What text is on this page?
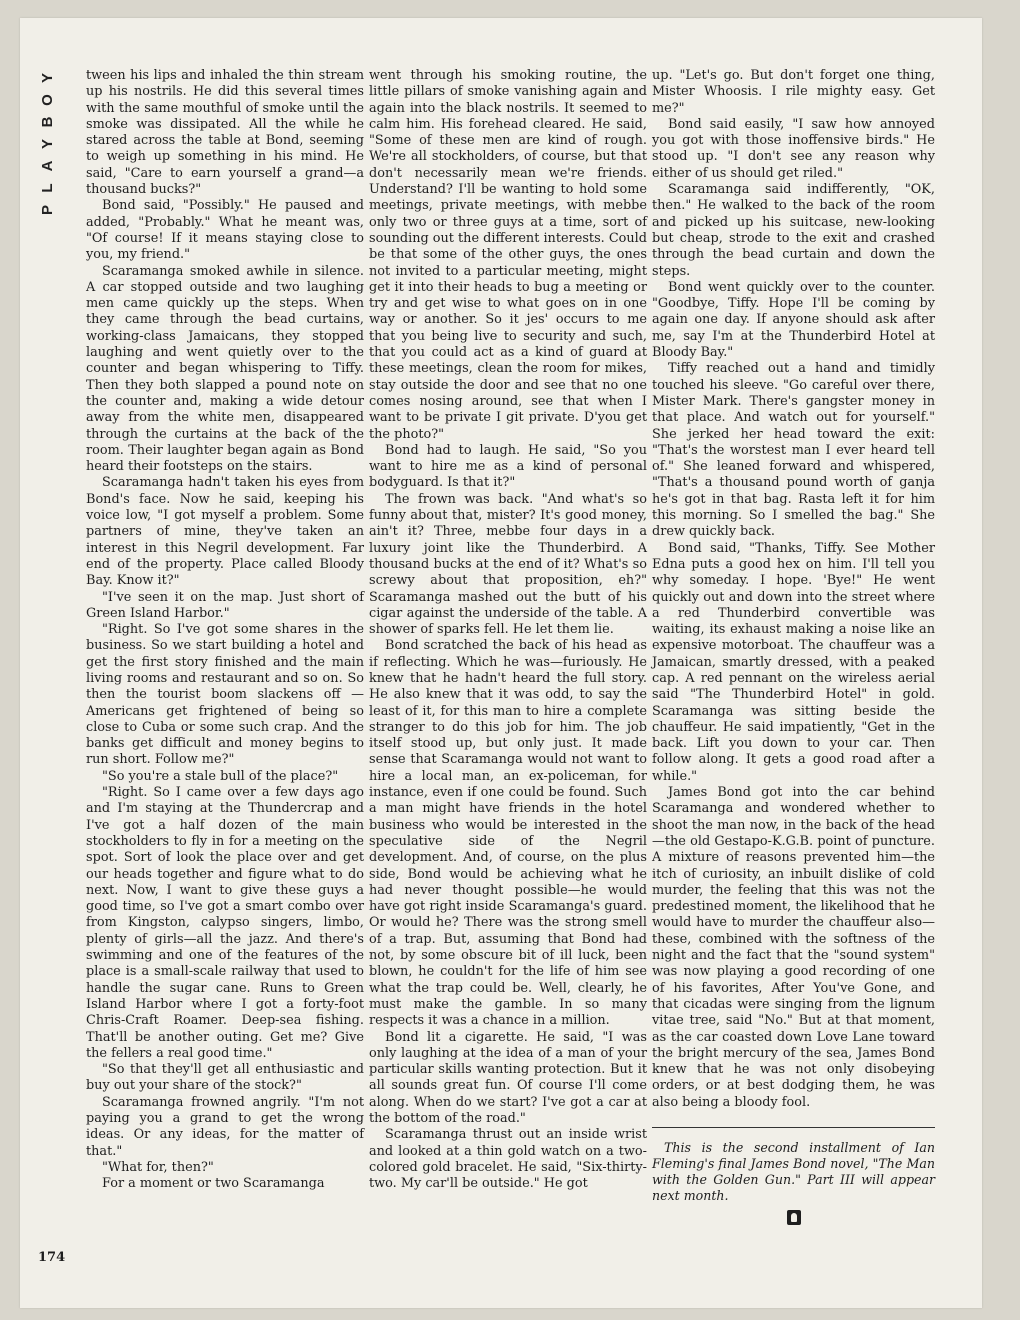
Y
O
B
Y
A
L
P

tween his lips and inhaled the thin stream up his nostrils. He did this several times with the same mouthful of smoke until the smoke was dissipated. All the while he stared across the table at Bond, seeming to weigh up something in his mind. He said, "Care to earn yourself a grand—a thousand bucks?"

Bond said, "Possibly." He paused and added, "Probably." What he meant was, "Of course! If it means staying close to you, my friend."

Scaramanga smoked awhile in silence. A car stopped outside and two laughing men came quickly up the steps. When they came through the bead curtains, working-class Jamaicans, they stopped laughing and went quietly over to the counter and began whispering to Tiffy. Then they both slapped a pound note on the counter and, making a wide detour away from the white men, disappeared through the curtains at the back of the room. Their laughter began again as Bond heard their footsteps on the stairs.

Scaramanga hadn't taken his eyes from Bond's face. Now he said, keeping his voice low, "I got myself a problem. Some partners of mine, they've taken an interest in this Negril development. Far end of the property. Place called Bloody Bay. Know it?"

"I've seen it on the map. Just short of Green Island Harbor."

"Right. So I've got some shares in the business. So we start building a hotel and get the first story finished and the main living rooms and restaurant and so on. So then the tourist boom slackens off —Americans get frightened of being so close to Cuba or some such crap. And the banks get difficult and money begins to run short. Follow me?"

"So you're a stale bull of the place?"

"Right. So I came over a few days ago and I'm staying at the Thundercrap and I've got a half dozen of the main stockholders to fly in for a meeting on the spot. Sort of look the place over and get our heads together and figure what to do next. Now, I want to give these guys a good time, so I've got a smart combo over from Kingston, calypso singers, limbo, plenty of girls—all the jazz. And there's swimming and one of the features of the place is a small-scale railway that used to handle the sugar cane. Runs to Green Island Harbor where I got a forty-foot Chris-Craft Roamer. Deep-sea fishing. That'll be another outing. Get me? Give the fellers a real good time."

"So that they'll get all enthusiastic and buy out your share of the stock?"

Scaramanga frowned angrily. "I'm not paying you a grand to get the wrong ideas. Or any ideas, for the matter of that."

"What for, then?"

For a moment or two Scaramanga

went through his smoking routine, the little pillars of smoke vanishing again and again into the black nostrils. It seemed to calm him. His forehead cleared. He said, "Some of these men are kind of rough. We're all stockholders, of course, but that don't necessarily mean we're friends. Understand? I'll be wanting to hold some meetings, private meetings, with mebbe only two or three guys at a time, sort of sounding out the different interests. Could be that some of the other guys, the ones not invited to a particular meeting, might get it into their heads to bug a meeting or try and get wise to what goes on in one way or another. So it jes' occurs to me that you being live to security and such, that you could act as a kind of guard at these meetings, clean the room for mikes, stay outside the door and see that no one comes nosing around, see that when I want to be private I git private. D'you get the photo?"

Bond had to laugh. He said, "So you want to hire me as a kind of personal bodyguard. Is that it?"

The frown was back. "And what's so funny about that, mister? It's good money, ain't it? Three, mebbe four days in a luxury joint like the Thunderbird. A thousand bucks at the end of it? What's so screwy about that proposition, eh?" Scaramanga mashed out the butt of his cigar against the underside of the table. A shower of sparks fell. He let them lie.

Bond scratched the back of his head as if reflecting. Which he was—furiously. He knew that he hadn't heard the full story. He also knew that it was odd, to say the least of it, for this man to hire a complete stranger to do this job for him. The job itself stood up, but only just. It made sense that Scaramanga would not want to hire a local man, an ex-policeman, for instance, even if one could be found. Such a man might have friends in the hotel business who would be interested in the speculative side of the Negril development. And, of course, on the plus side, Bond would be achieving what he had never thought possible—he would have got right inside Scaramanga's guard. Or would he? There was the strong smell of a trap. But, assuming that Bond had not, by some obscure bit of ill luck, been blown, he couldn't for the life of him see what the trap could be. Well, clearly, he must make the gamble. In so many respects it was a chance in a million.

Bond lit a cigarette. He said, "I was only laughing at the idea of a man of your particular skills wanting protection. But it all sounds great fun. Of course I'll come along. When do we start? I've got a car at the bottom of the road."

Scaramanga thrust out an inside wrist and looked at a thin gold watch on a two-colored gold bracelet. He said, "Six-thirty-two. My car'll be outside." He got

up. "Let's go. But don't forget one thing, Mister Whoosis. I rile mighty easy. Get me?"

Bond said easily, "I saw how annoyed you got with those inoffensive birds." He stood up. "I don't see any reason why either of us should get riled."

Scaramanga said indifferently, "OK, then." He walked to the back of the room and picked up his suitcase, new-looking but cheap, strode to the exit and crashed through the bead curtain and down the steps.

Bond went quickly over to the counter. "Goodbye, Tiffy. Hope I'll be coming by again one day. If anyone should ask after me, say I'm at the Thunderbird Hotel at Bloody Bay."

Tiffy reached out a hand and timidly touched his sleeve. "Go careful over there, Mister Mark. There's gangster money in that place. And watch out for yourself." She jerked her head toward the exit: "That's the worstest man I ever heard tell of." She leaned forward and whispered, "That's a thousand pound worth of ganja he's got in that bag. Rasta left it for him this morning. So I smelled the bag." She drew quickly back.

Bond said, "Thanks, Tiffy. See Mother Edna puts a good hex on him. I'll tell you why someday. I hope. 'Bye!" He went quickly out and down into the street where a red Thunderbird convertible was waiting, its exhaust making a noise like an expensive motorboat. The chauffeur was a Jamaican, smartly dressed, with a peaked cap. A red pennant on the wireless aerial said "The Thunderbird Hotel" in gold. Scaramanga was sitting beside the chauffeur. He said impatiently, "Get in the back. Lift you down to your car. Then follow along. It gets a good road after a while."

James Bond got into the car behind Scaramanga and wondered whether to shoot the man now, in the back of the head—the old Gestapo-K.G.B. point of puncture. A mixture of reasons prevented him—the itch of curiosity, an inbuilt dislike of cold murder, the feeling that this was not the predestined moment, the likelihood that he would have to murder the chauffeur also—these, combined with the softness of the night and the fact that the "sound system" was now playing a good recording of one of his favorites, After You've Gone, and that cicadas were singing from the lignum vitae tree, said "No." But at that moment, as the car coasted down Love Lane toward the bright mercury of the sea, James Bond knew that he was not only disobeying orders, or at best dodging them, he was also being a bloody fool.

This is the second installment of Ian Fleming's final James Bond novel, "The Man with the Golden Gun." Part III will appear next month.

174
